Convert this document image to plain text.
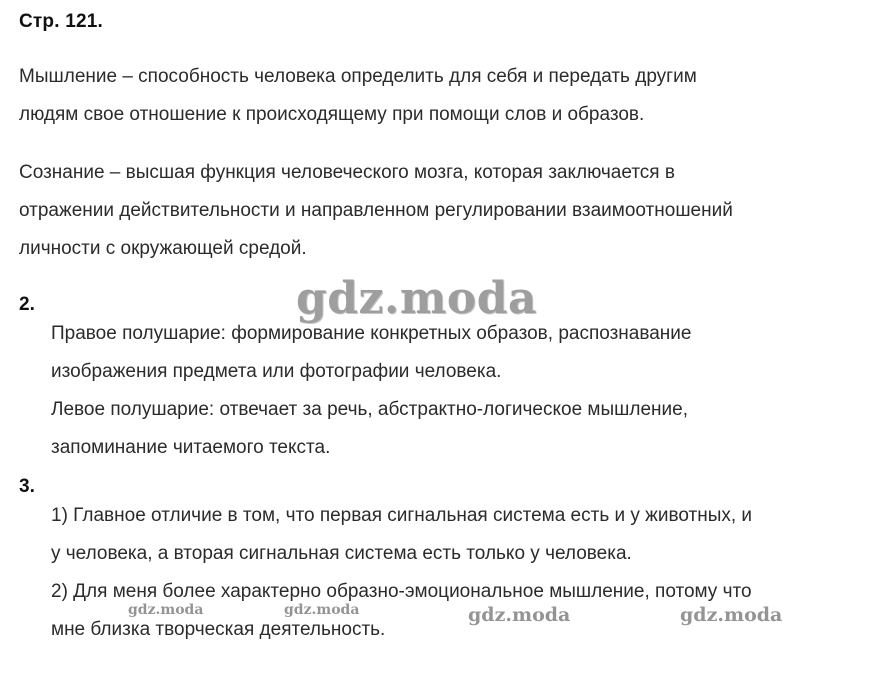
Стр. 121.

Мышление – способность человека определить для себя и передать другим
людям свое отношение к происходящему при помощи слов и образов.

Сознание – высшая функция человеческого мозга, которая заключается в
отражении действительности и направленном регулировании взаимоотношений
личности с окружающей средой.

2.	gdz.moda
Правое полушарие: формирование конкретных образов, распознавание
изображения предмета или фотографии человека.
Левое полушарие: отвечает за речь, абстрактно-логическое мышление,
запоминание читаемого текста.
3.
1) Главное отличие в том, что первая сигнальная система есть и у животных, и
у человека, а вторая сигнальная система есть только у человека.
2) Для меня более характерно образно-эмоциональное мышление, потому что
мне близка творческая деятельность.
gdz.moda	gdz.moda	gdz.moda	gdz.moda
